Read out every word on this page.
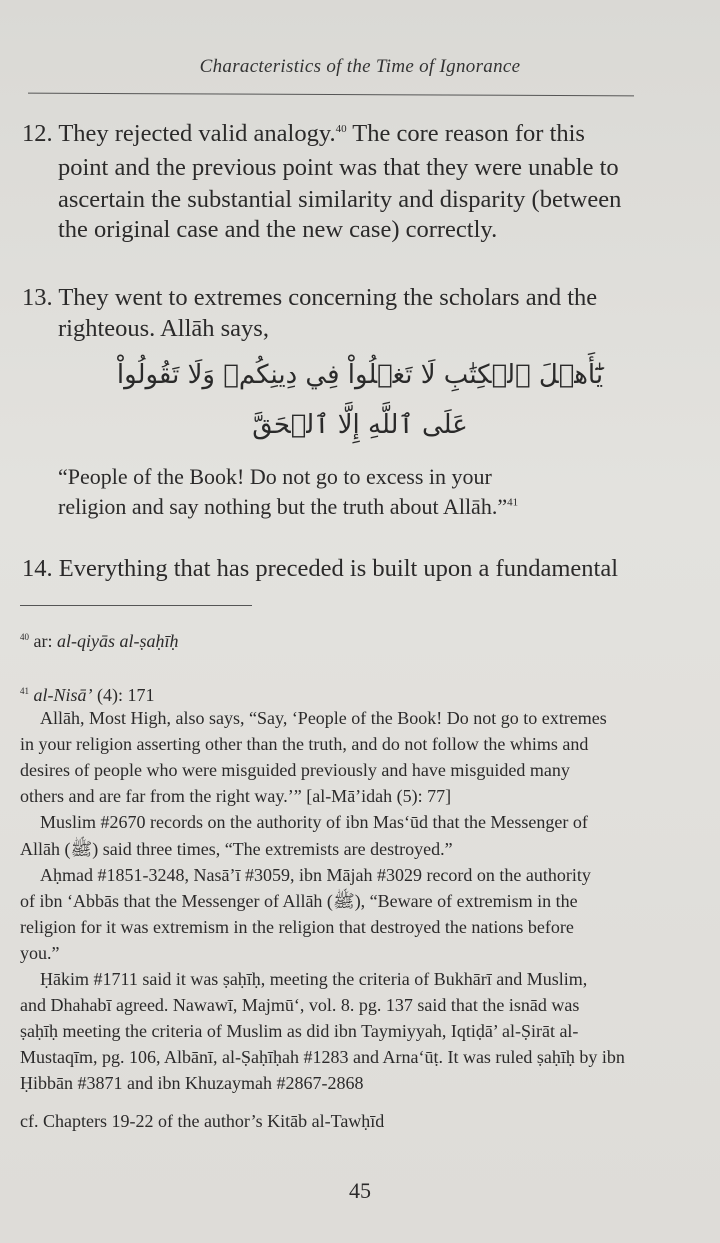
Characteristics of the Time of Ignorance
12. They rejected valid analogy.$^{40}$ The core reason for this
point and the previous point was that they were unable to
ascertain the substantial similarity and disparity (between
the original case and the new case) correctly.
13. They went to extremes concerning the scholars and the
righteous. Allāh says,
يَٰٓأَهۡلَ ٱلۡكِتَٰبِ لَا تَغۡلُواْ فِي دِينِكُمۡ وَلَا تَقُولُواْ
عَلَى ٱللَّهِ إِلَّا ٱلۡحَقَّ
“People of the Book! Do not go to excess in your
religion and say nothing but the truth about Allāh.”$^{41}$
14. Everything that has preceded is built upon a fundamental
$^{40}$ ar: al-qiyās al-ṣaḥīḥ
$^{41}$ al-Nisā’ (4): 171
Allāh, Most High, also says, “Say, ‘People of the Book! Do not go to extremes
in your religion asserting other than the truth, and do not follow the whims and
desires of people who were misguided previously and have misguided many
others and are far from the right way.’” [al-Mā’idah (5): 77]
Muslim #2670 records on the authority of ibn Mas‘ūd that the Messenger of
Allāh (ﷺ) said three times, “The extremists are destroyed.”
Aḥmad #1851-3248, Nasā’ī #3059, ibn Mājah #3029 record on the authority
of ibn ‘Abbās that the Messenger of Allāh (ﷺ), “Beware of extremism in the
religion for it was extremism in the religion that destroyed the nations before
you.”
Ḥākim #1711 said it was ṣaḥīḥ, meeting the criteria of Bukhārī and Muslim,
and Dhahabī agreed. Nawawī, Majmū‘, vol. 8. pg. 137 said that the isnād was
ṣaḥīḥ meeting the criteria of Muslim as did ibn Taymiyyah, Iqtiḍā’ al-Ṣirāt al-
Mustaqīm, pg. 106, Albānī, al-Ṣaḥīḥah #1283 and Arna‘ūṭ. It was ruled ṣaḥīḥ by ibn
Ḥibbān #3871 and ibn Khuzaymah #2867-2868
cf. Chapters 19-22 of the author’s Kitāb al-Tawḥīd
45
